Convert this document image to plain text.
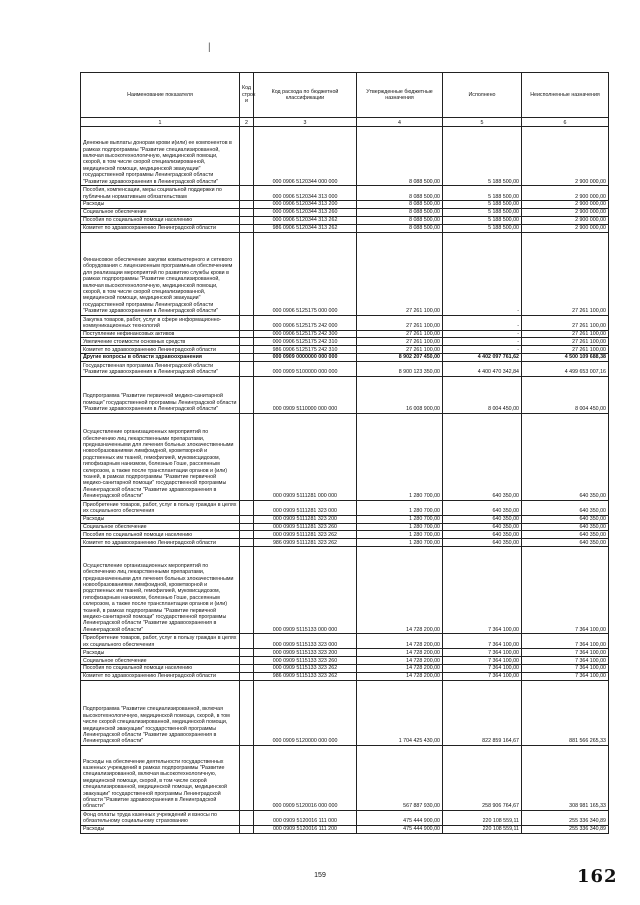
|
Наименование показателя	Код строк и	Код расхода по бюджетной классификации	Утвержденные бюджетные назначения	Исполнено	Неисполненные назначения
1	2	3	4	5	6
Денежные выплаты донорам крови и(или) ее компонентов в рамках подпрограммы "Развитие специализированной, включая высокотехнологичную, медицинской помощи, скорой, в том числе скорой специализированной, медицинской помощи, медицинской эвакуации" государственной программы Ленинградской области "Развитие здравоохранения в Ленинградской области"		000 0906 5120344 000 000	8 088 500,00	5 188 500,00	2 900 000,00
Пособия, компенсации, меры социальной поддержки по публичным нормативным обязательствам		000 0906 5120344 313 000	8 088 500,00	5 188 500,00	2 900 000,00
Расходы		000 0906 5120344 313 200	8 088 500,00	5 188 500,00	2 900 000,00
Социальное обеспечение		000 0906 5120344 313 260	8 088 500,00	5 188 500,00	2 900 000,00
Пособия по социальной помощи населению		000 0906 5120344 313 262	8 088 500,00	5 188 500,00	2 900 000,00
Комитет по здравоохранению Ленинградской области		986 0906 5120344 313 262	8 088 500,00	5 188 500,00	2 900 000,00
Финансовое обеспечение закупки компьютерного и сетевого оборудования с лицензионным программным обеспечением для реализации мероприятий по развитию службы крови в рамках подпрограммы "Развитие специализированной, включая высокотехнологичную, медицинской помощи, скорой, в том числе скорой специализированной, медицинской помощи, медицинской эвакуации" государственной программы Ленинградской области "Развитие здравоохранения в Ленинградской области"		000 0906 5125175 000 000	27 261 100,00	-	27 261 100,00
Закупка товаров, работ, услуг в сфере информационно-коммуникационных технологий		000 0906 5125175 242 000	27 261 100,00	-	27 261 100,00
Поступление нефинансовых активов		000 0906 5125175 242 300	27 261 100,00	-	27 261 100,00
Увеличение стоимости основных средств		000 0906 5125175 242 310	27 261 100,00	-	27 261 100,00
Комитет по здравоохранению Ленинградской области		986 0906 5125175 242 310	27 261 100,00	-	27 261 100,00
Другие вопросы в области здравоохранения		000 0909 0000000 000 000	8 902 207 450,00	4 402 097 761,62	4 500 109 688,38
Государственная программа Ленинградской области "Развитие здравоохранения в Ленинградской области"		000 0909 5100000 000 000	8 900 123 350,00	4 400 470 342,84	4 499 653 007,16
Подпрограмма "Развитие первичной медико-санитарной помощи" государственной программы Ленинградской области "Развитие здравоохранения в Ленинградской области"		000 0909 5110000 000 000	16 008 900,00	8 004 450,00	8 004 450,00
Осуществление организационных мероприятий по обеспечению лиц лекарственными препаратами, предназначенными для лечения больных злокачественными новообразованиями лимфоидной, кроветворной и родственных им тканей, гемофилией, муковисцидозом, гипофизарным нанизмом, болезнью Гоше, рассеянным склерозом, а также после трансплантации органов и (или) тканей, в рамках подпрограммы "Развитие первичной медико-санитарной помощи" государственной программы Ленинградской области "Развитие здравоохранения в Ленинградской области"		000 0909 5111281 000 000	1 280 700,00	640 350,00	640 350,00
Приобретение товаров, работ, услуг в пользу граждан в целях их социального обеспечения		000 0909 5111281 323 000	1 280 700,00	640 350,00	640 350,00
Расходы		000 0909 5111281 323 200	1 280 700,00	640 350,00	640 350,00
Социальное обеспечение		000 0909 5111281 323 260	1 280 700,00	640 350,00	640 350,00
Пособия по социальной помощи населению		000 0909 5111281 323 262	1 280 700,00	640 350,00	640 350,00
Комитет по здравоохранению Ленинградской области		986 0909 5111281 323 262	1 280 700,00	640 350,00	640 350,00
Осуществление организационных мероприятий по обеспечению лиц лекарственными препаратами, предназначенными для лечения больных злокачественными новообразованиями лимфоидной, кроветворной и родственных им тканей, гемофилией, муковисцидозом, гипофизарным нанизмом, болезнью Гоше, рассеянным склерозом, а также после трансплантации органов и (или) тканей, в рамках подпрограммы "Развитие первичной медико-санитарной помощи" государственной программы Ленинградской области "Развитие здравоохранения в Ленинградской области"		000 0909 5115133 000 000	14 728 200,00	7 364 100,00	7 364 100,00
Приобретение товаров, работ, услуг в пользу граждан в целях их социального обеспечения		000 0909 5115133 323 000	14 728 200,00	7 364 100,00	7 364 100,00
Расходы		000 0909 5115133 323 200	14 728 200,00	7 364 100,00	7 364 100,00
Социальное обеспечение		000 0909 5115133 323 260	14 728 200,00	7 364 100,00	7 364 100,00
Пособия по социальной помощи населению		000 0909 5115133 323 262	14 728 200,00	7 364 100,00	7 364 100,00
Комитет по здравоохранению Ленинградской области		986 0909 5115133 323 262	14 728 200,00	7 364 100,00	7 364 100,00
Подпрограмма "Развитие специализированной, включая высокотехнологичную, медицинской помощи, скорой, в том числе скорой специализированной, медицинской помощи, медицинской эвакуации" государственной программы Ленинградской области "Развитие здравоохранения в Ленинградской области"		000 0909 5120000 000 000	1 704 425 430,00	822 859 164,67	881 566 265,33
Расходы на обеспечение деятельности государственных казенных учреждений в рамках подпрограммы "Развитие специализированной, включая высокотехнологичную, медицинской помощи, скорой, в том числе скорой специализированной, медицинской помощи, медицинской эвакуации" государственной программы Ленинградской области "Развитие здравоохранения в Ленинградской области"		000 0909 5120016 000 000	567 887 930,00	258 906 764,67	308 981 165,33
Фонд оплаты труда казенных учреждений и взносы по обязательному социальному страхованию		000 0909 5120016 111 000	475 444 900,00	220 108 559,11	255 336 340,89
Расходы		000 0909 5120016 111 200	475 444 900,00	220 108 559,11	255 336 340,89
159	162
